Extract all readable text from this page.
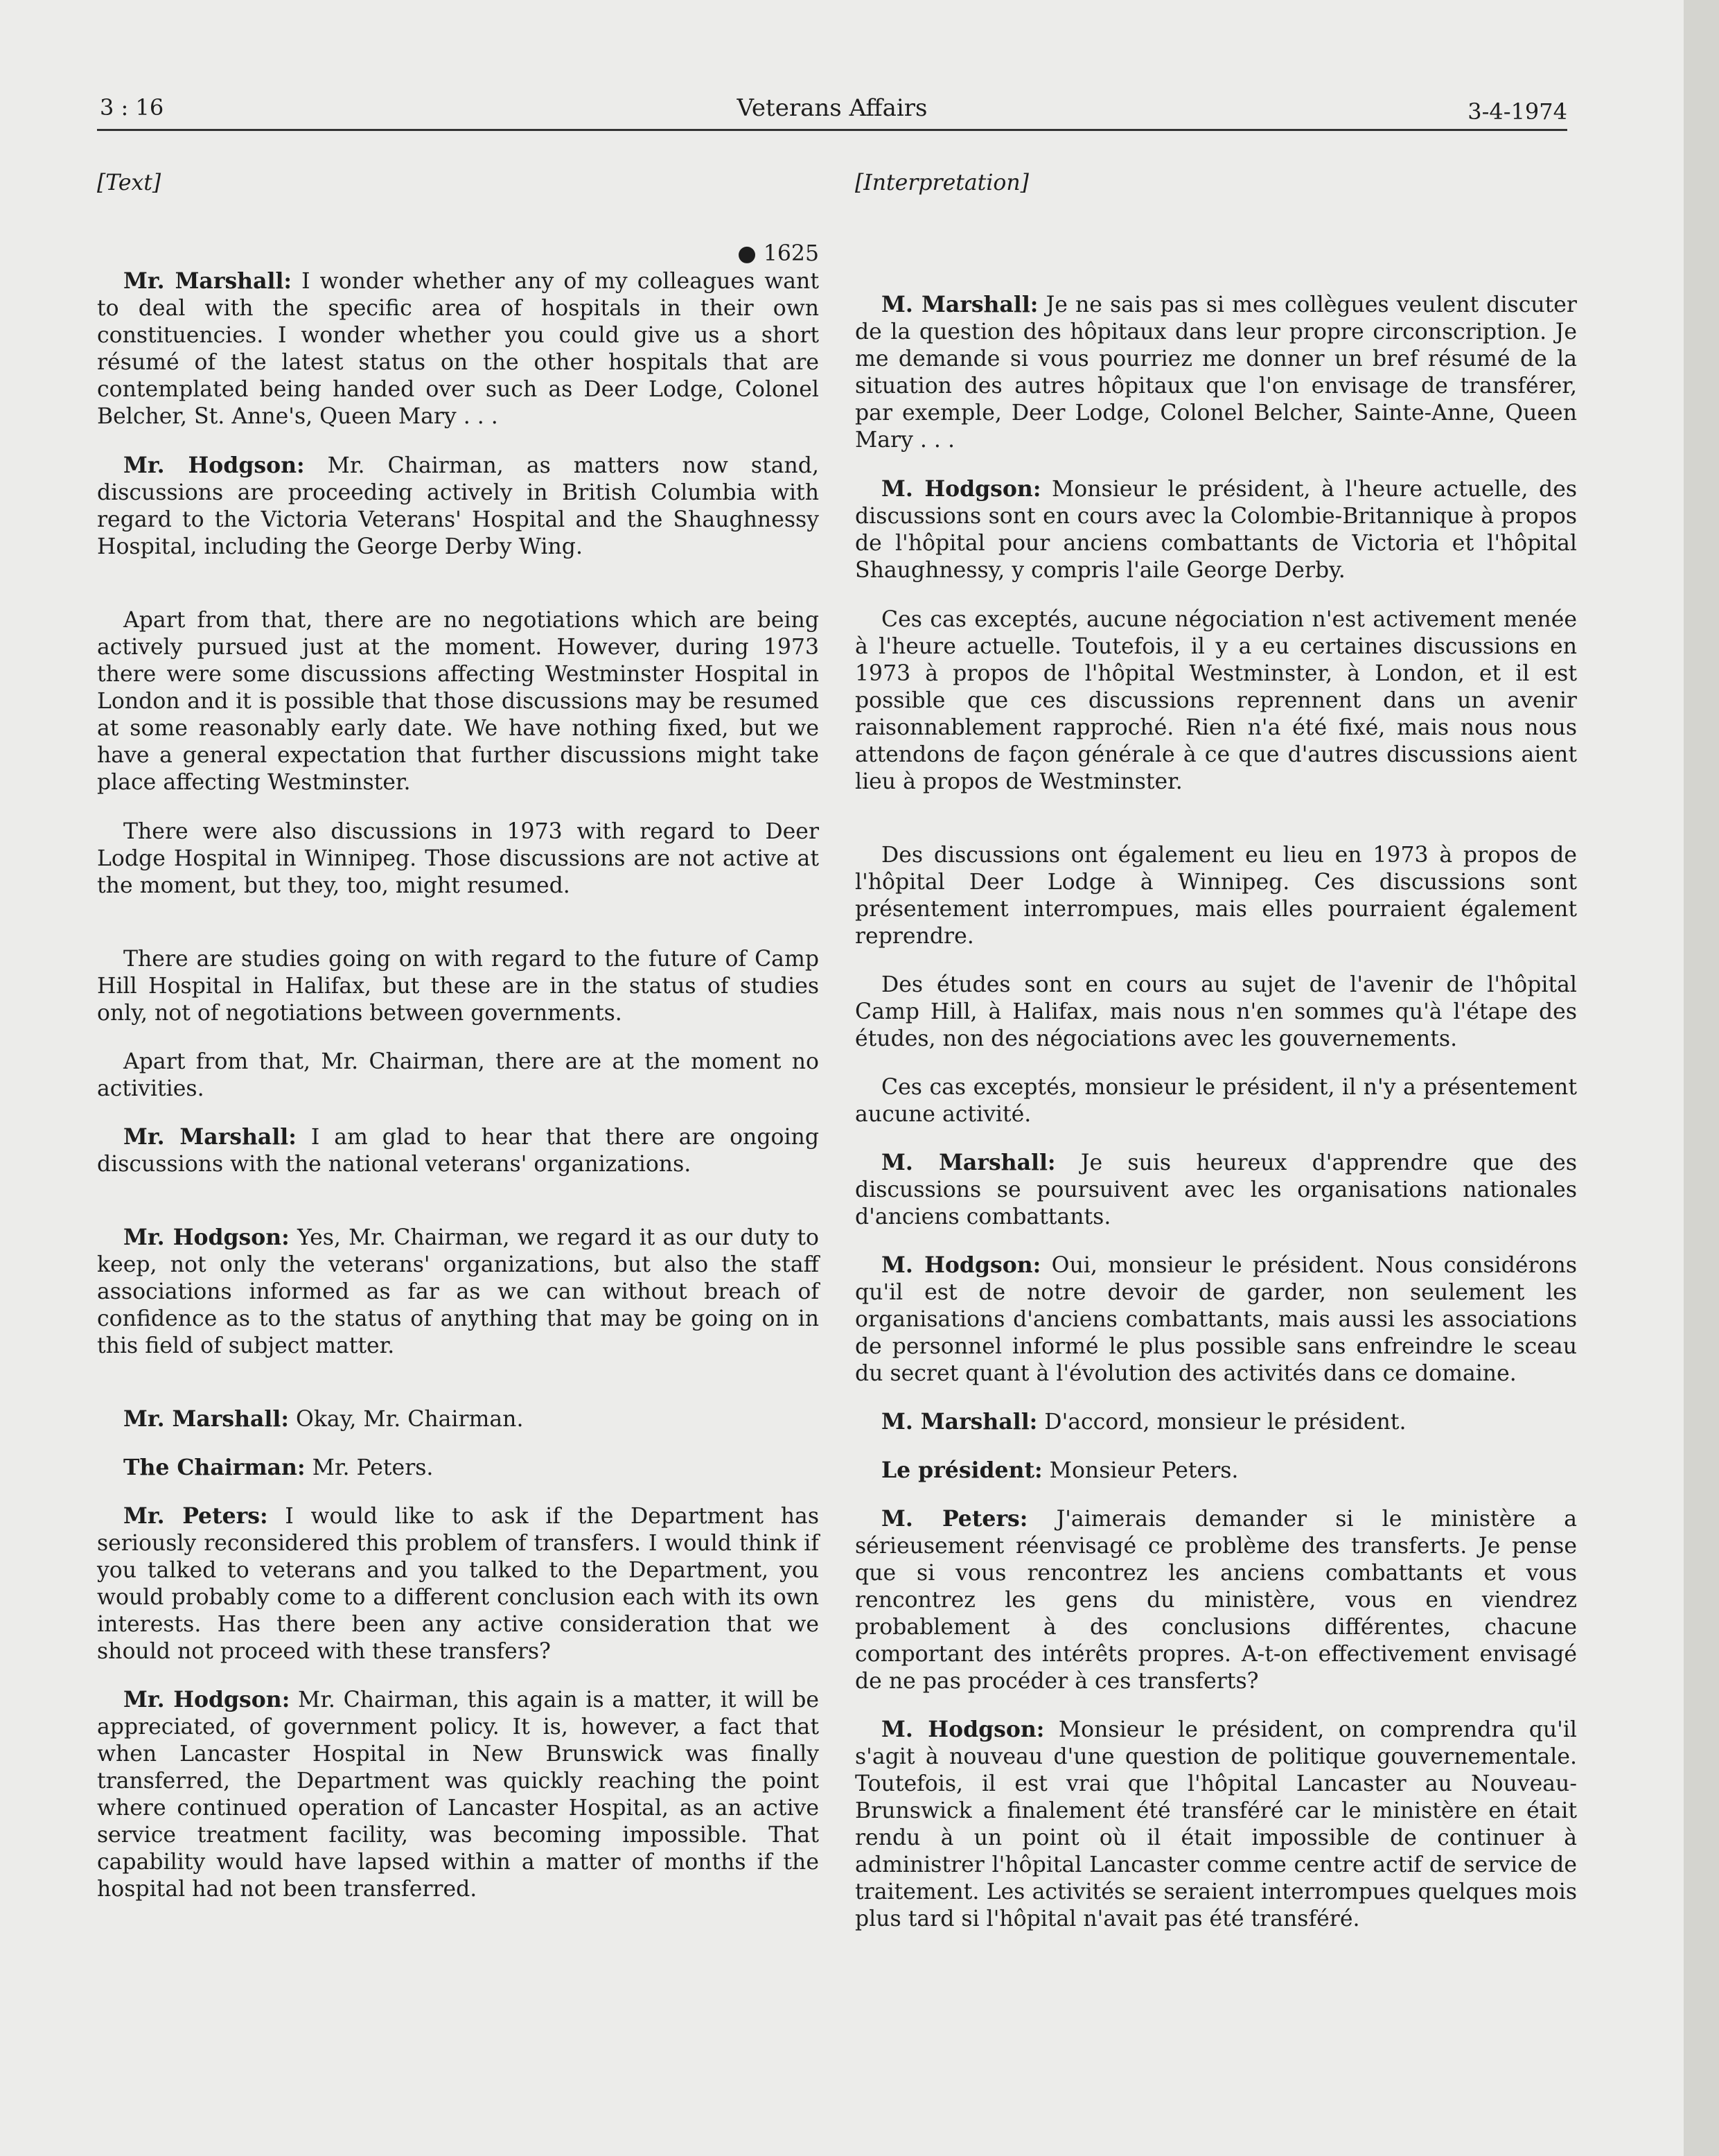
3 : 16	Veterans Affairs	3-4-1974

[Text]

● 1625

Mr. Marshall: I wonder whether any of my colleagues want to deal with the specific area of hospitals in their own constituencies. I wonder whether you could give us a short résumé of the latest status on the other hospitals that are contemplated being handed over such as Deer Lodge, Colonel Belcher, St. Anne's, Queen Mary . . .

Mr. Hodgson: Mr. Chairman, as matters now stand, discussions are proceeding actively in British Columbia with regard to the Victoria Veterans' Hospital and the Shaughnessy Hospital, including the George Derby Wing.

Apart from that, there are no negotiations which are being actively pursued just at the moment. However, during 1973 there were some discussions affecting Westminster Hospital in London and it is possible that those discussions may be resumed at some reasonably early date. We have nothing fixed, but we have a general expectation that further discussions might take place affecting Westminster.

There were also discussions in 1973 with regard to Deer Lodge Hospital in Winnipeg. Those discussions are not active at the moment, but they, too, might resumed.

There are studies going on with regard to the future of Camp Hill Hospital in Halifax, but these are in the status of studies only, not of negotiations between governments.

Apart from that, Mr. Chairman, there are at the moment no activities.

Mr. Marshall: I am glad to hear that there are ongoing discussions with the national veterans' organizations.

Mr. Hodgson: Yes, Mr. Chairman, we regard it as our duty to keep, not only the veterans' organizations, but also the staff associations informed as far as we can without breach of confidence as to the status of anything that may be going on in this field of subject matter.

Mr. Marshall: Okay, Mr. Chairman.

The Chairman: Mr. Peters.

Mr. Peters: I would like to ask if the Department has seriously reconsidered this problem of transfers. I would think if you talked to veterans and you talked to the Department, you would probably come to a different conclusion each with its own interests. Has there been any active consideration that we should not proceed with these transfers?

Mr. Hodgson: Mr. Chairman, this again is a matter, it will be appreciated, of government policy. It is, however, a fact that when Lancaster Hospital in New Brunswick was finally transferred, the Department was quickly reaching the point where continued operation of Lancaster Hospital, as an active service treatment facility, was becoming impossible. That capability would have lapsed within a matter of months if the hospital had not been transferred.

[Interpretation]

M. Marshall: Je ne sais pas si mes collègues veulent discuter de la question des hôpitaux dans leur propre circonscription. Je me demande si vous pourriez me donner un bref résumé de la situation des autres hôpitaux que l'on envisage de transférer, par exemple, Deer Lodge, Colonel Belcher, Sainte-Anne, Queen Mary . . .

M. Hodgson: Monsieur le président, à l'heure actuelle, des discussions sont en cours avec la Colombie-Britannique à propos de l'hôpital pour anciens combattants de Victoria et l'hôpital Shaughnessy, y compris l'aile George Derby.

Ces cas exceptés, aucune négociation n'est activement menée à l'heure actuelle. Toutefois, il y a eu certaines discussions en 1973 à propos de l'hôpital Westminster, à London, et il est possible que ces discussions reprennent dans un avenir raisonnablement rapproché. Rien n'a été fixé, mais nous nous attendons de façon générale à ce que d'autres discussions aient lieu à propos de Westminster.

Des discussions ont également eu lieu en 1973 à propos de l'hôpital Deer Lodge à Winnipeg. Ces discussions sont présentement interrompues, mais elles pourraient également reprendre.

Des études sont en cours au sujet de l'avenir de l'hôpital Camp Hill, à Halifax, mais nous n'en sommes qu'à l'étape des études, non des négociations avec les gouvernements.

Ces cas exceptés, monsieur le président, il n'y a présentement aucune activité.

M. Marshall: Je suis heureux d'apprendre que des discussions se poursuivent avec les organisations nationales d'anciens combattants.

M. Hodgson: Oui, monsieur le président. Nous considérons qu'il est de notre devoir de garder, non seulement les organisations d'anciens combattants, mais aussi les associations de personnel informé le plus possible sans enfreindre le sceau du secret quant à l'évolution des activités dans ce domaine.

M. Marshall: D'accord, monsieur le président.

Le président: Monsieur Peters.

M. Peters: J'aimerais demander si le ministère a sérieusement réenvisagé ce problème des transferts. Je pense que si vous rencontrez les anciens combattants et vous rencontrez les gens du ministère, vous en viendrez probablement à des conclusions différentes, chacune comportant des intérêts propres. A-t-on effectivement envisagé de ne pas procéder à ces transferts?

M. Hodgson: Monsieur le président, on comprendra qu'il s'agit à nouveau d'une question de politique gouvernementale. Toutefois, il est vrai que l'hôpital Lancaster au Nouveau-Brunswick a finalement été transféré car le ministère en était rendu à un point où il était impossible de continuer à administrer l'hôpital Lancaster comme centre actif de service de traitement. Les activités se seraient interrompues quelques mois plus tard si l'hôpital n'avait pas été transféré.
